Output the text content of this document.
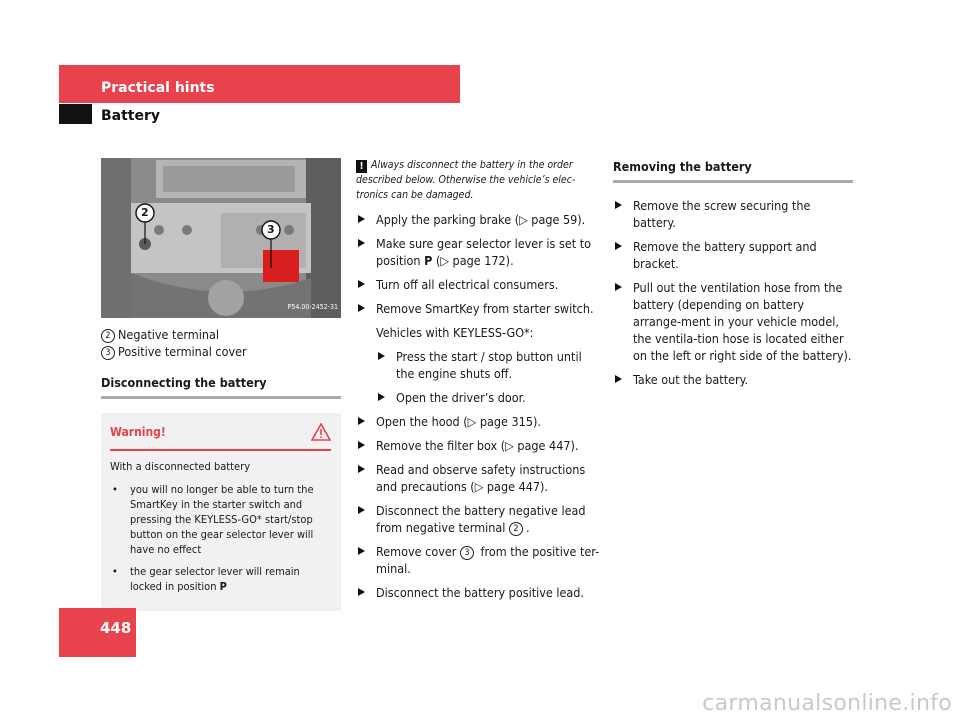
Practical hints
Battery
2
3
P54.00-2452-31
2 Negative terminal
3 Positive terminal cover
Disconnecting the battery
Warning!
With a disconnected battery
• you will no longer be able to turn the SmartKey in the starter switch and pressing the KEYLESS-GO* start/stop button on the gear selector lever will have no effect
• the gear selector lever will remain locked in position P
! Always disconnect the battery in the order described below. Otherwise the vehicle’s elec-tronics can be damaged.
Apply the parking brake (▷ page 59).
Make sure gear selector lever is set to position P (▷ page 172).
Turn off all electrical consumers.
Remove SmartKey from starter switch.
Vehicles with KEYLESS-GO*:
Press the start / stop button until the engine shuts off.
Open the driver’s door.
Open the hood (▷ page 315).
Remove the filter box (▷ page 447).
Read and observe safety instructions and precautions (▷ page 447).
Disconnect the battery negative lead from negative terminal 2 .
Remove cover 3 from the positive ter-minal.
Disconnect the battery positive lead.
Removing the battery
Remove the screw securing the battery.
Remove the battery support and bracket.
Pull out the ventilation hose from the battery (depending on battery arrange-ment in your vehicle model, the ventila-tion hose is located either on the left or right side of the battery).
Take out the battery.
448
carmanualsonline.info
